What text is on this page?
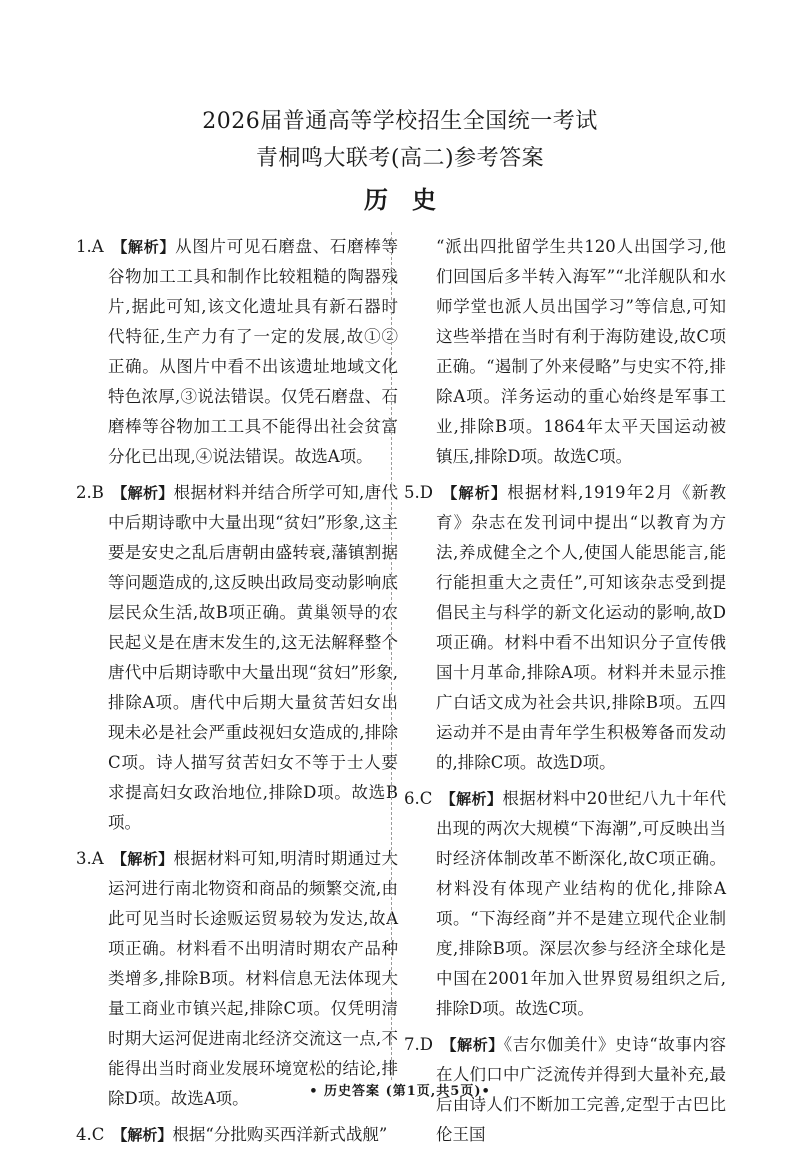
2026届普通高等学校招生全国统一考试
青桐鸣大联考(高二)参考答案
历史
1.A 【解析】从图片可见石磨盘、石磨棒等谷物加工工具和制作比较粗糙的陶器残片,据此可知,该文化遗址具有新石器时代特征,生产力有了一定的发展,故①②正确。从图片中看不出该遗址地域文化特色浓厚,③说法错误。仅凭石磨盘、石磨棒等谷物加工工具不能得出社会贫富分化已出现,④说法错误。故选A项。
2.B 【解析】根据材料并结合所学可知,唐代中后期诗歌中大量出现“贫妇”形象,这主要是安史之乱后唐朝由盛转衰,藩镇割据等问题造成的,这反映出政局变动影响底层民众生活,故B项正确。黄巢领导的农民起义是在唐末发生的,这无法解释整个唐代中后期诗歌中大量出现“贫妇”形象,排除A项。唐代中后期大量贫苦妇女出现未必是社会严重歧视妇女造成的,排除C项。诗人描写贫苦妇女不等于士人要求提高妇女政治地位,排除D项。故选B项。
3.A 【解析】根据材料可知,明清时期通过大运河进行南北物资和商品的频繁交流,由此可见当时长途贩运贸易较为发达,故A项正确。材料看不出明清时期农产品种类增多,排除B项。材料信息无法体现大量工商业市镇兴起,排除C项。仅凭明清时期大运河促进南北经济交流这一点,不能得出当时商业发展环境宽松的结论,排除D项。故选A项。
4.C 【解析】根据“分批购买西洋新式战舰”
“派出四批留学生共120人出国学习,他们回国后多半转入海军”“北洋舰队和水师学堂也派人员出国学习”等信息,可知这些举措在当时有利于海防建设,故C项正确。“遏制了外来侵略”与史实不符,排除A项。洋务运动的重心始终是军事工业,排除B项。1864年太平天国运动被镇压,排除D项。故选C项。
5.D 【解析】根据材料,1919年2月《新教育》杂志在发刊词中提出“以教育为方法,养成健全之个人,使国人能思能言,能行能担重大之责任”,可知该杂志受到提倡民主与科学的新文化运动的影响,故D项正确。材料中看不出知识分子宣传俄国十月革命,排除A项。材料并未显示推广白话文成为社会共识,排除B项。五四运动并不是由青年学生积极筹备而发动的,排除C项。故选D项。
6.C 【解析】根据材料中20世纪八九十年代出现的两次大规模“下海潮”,可反映出当时经济体制改革不断深化,故C项正确。材料没有体现产业结构的优化,排除A项。“下海经商”并不是建立现代企业制度,排除B项。深层次参与经济全球化是中国在2001年加入世界贸易组织之后,排除D项。故选C项。
7.D 【解析】《吉尔伽美什》史诗“故事内容在人们口中广泛流传并得到大量补充,最后由诗人们不断加工完善,定型于古巴比伦王国
• 历史答案 (第1页,共5页)•
